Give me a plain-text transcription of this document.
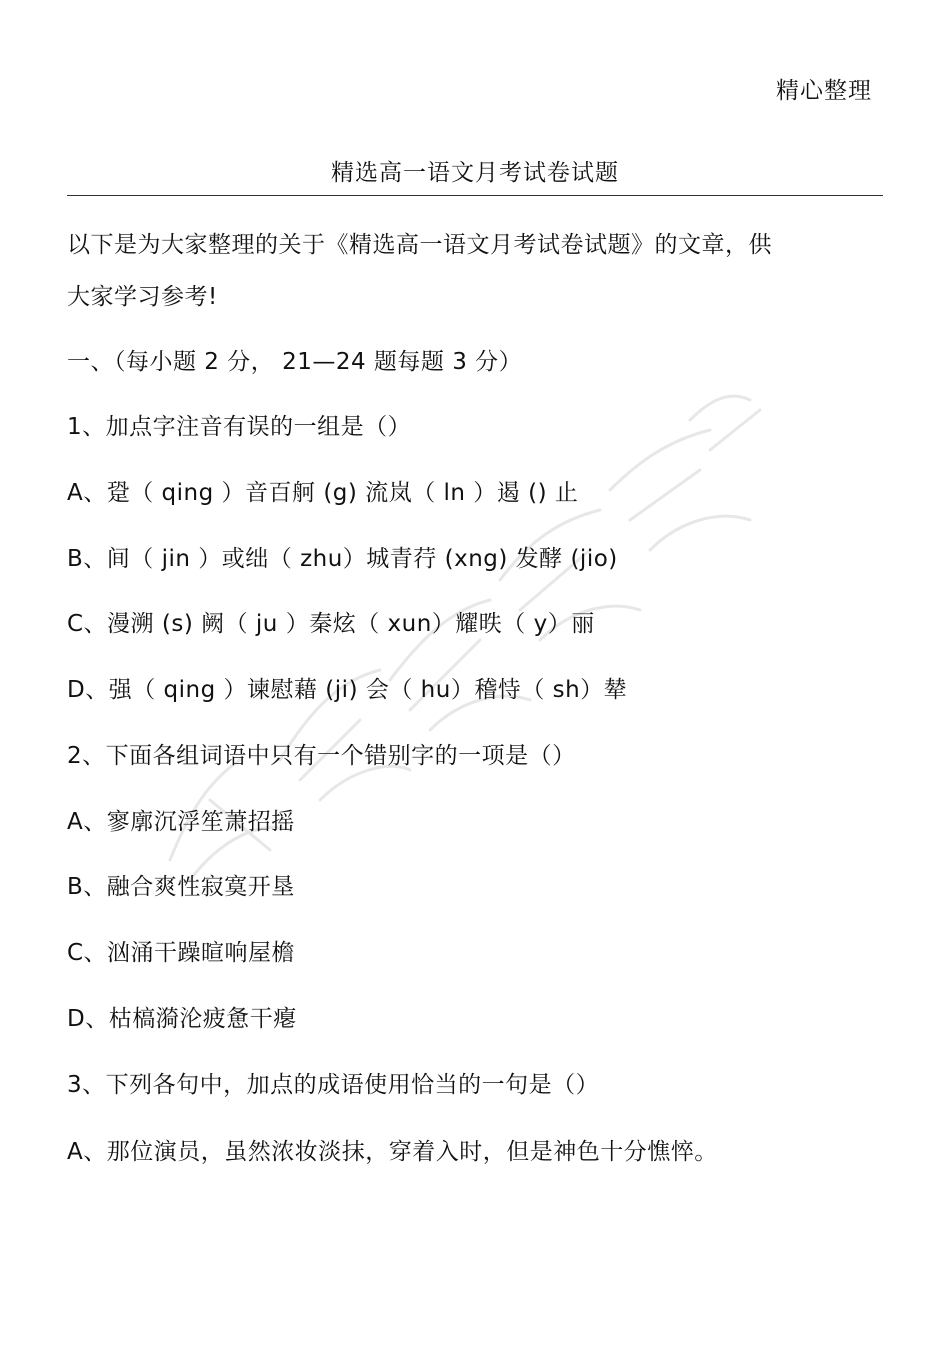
精心整理
精选高一语文月考试卷试题
以下是为大家整理的关于《精选高一语文月考试卷试题》的文章，供
大家学习参考!
一、（每小题 2 分， 21—24 题每题 3 分）
1、加点字注音有误的一组是（）
A、跫（ qing ）音百舸 (g) 流岚（ ln ）遏 () 止
B、间（ jin ）或绌（ zhu）城青荇 (xng) 发酵 (jio)
C、漫溯 (s) 阙（ ju ）秦炫（ xun）耀昳（ y）丽
D、强（ qing ）谏慰藉 (ji) 会（ hu）稽恃（ sh）辇
2、下面各组词语中只有一个错别字的一项是（）
A、寥廓沉浮笙萧招摇
B、融合爽性寂寞开垦
C、汹涌干躁暄响屋檐
D、枯槁漪沦疲惫干瘪
3、下列各句中，加点的成语使用恰当的一句是（）
A、那位演员，虽然浓妆淡抹，穿着入时，但是神色十分憔悴。
